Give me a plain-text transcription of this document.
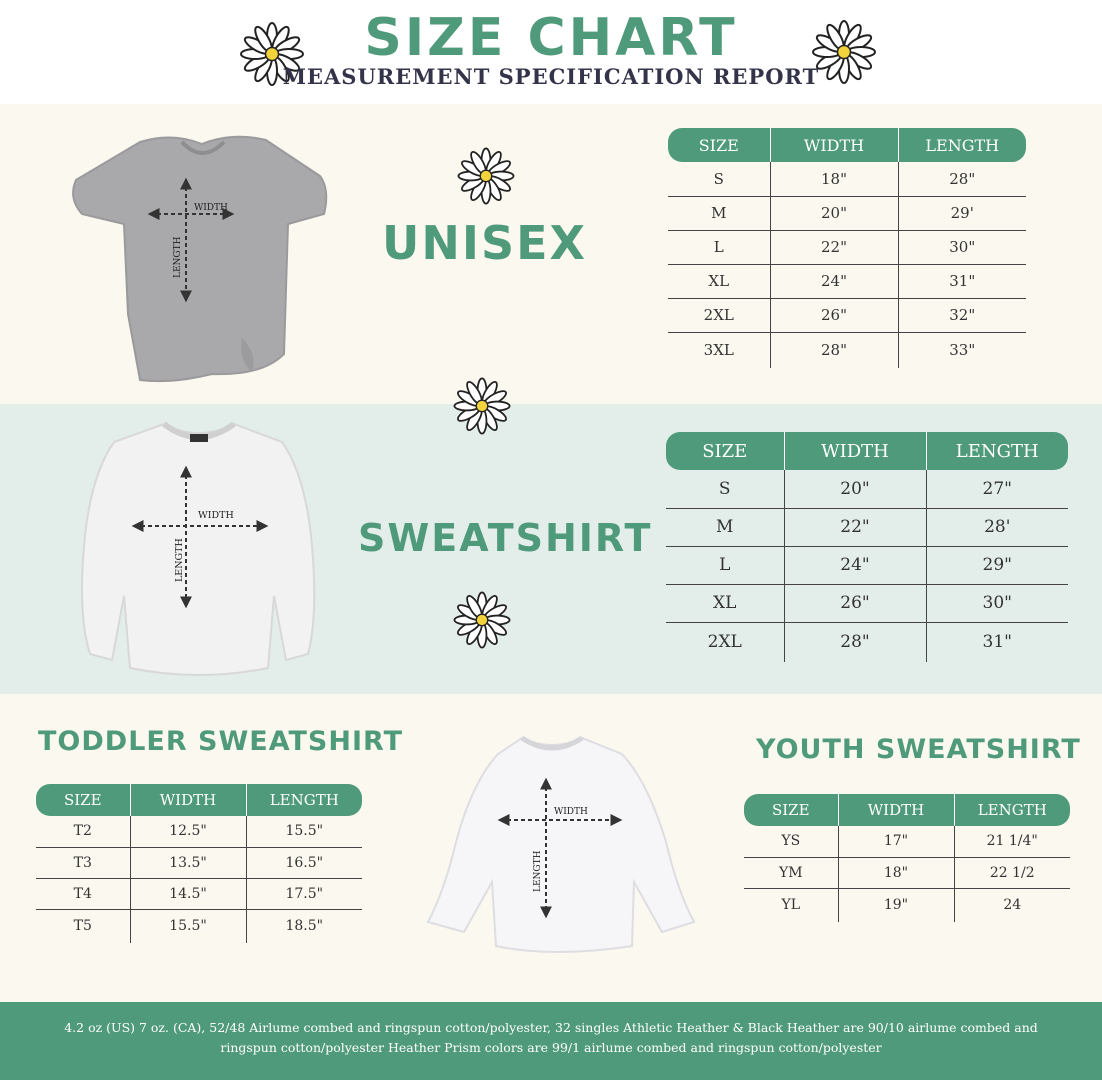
SIZE CHART
MEASUREMENT SPECIFICATION REPORT
WIDTH
LENGTH	UNISEX
SIZE	WIDTH	LENGTH
S	18"	28"
M	20"	29'
L	22"	30"
XL	24"	31"
2XL	26"	32"
3XL	28"	33"
WIDTH
LENGTH
SWEATSHIRT
SIZE	WIDTH	LENGTH
S	20"	27"
M	22"	28'
L	24"	29"
XL	26"	30"
2XL	28"	31"
TODDLER SWEATSHIRT
SIZE	WIDTH	LENGTH
T2	12.5"	15.5"
T3	13.5"	16.5"
T4	14.5"	17.5"
T5	15.5"	18.5"
WIDTH
LENGTH
YOUTH SWEATSHIRT
SIZE	WIDTH	LENGTH
YS	17"	21 1/4"
YM	18"	22 1/2
YL	19"	24
4.2 oz (US) 7 oz. (CA), 52/48 Airlume combed and ringspun cotton/polyester, 32 singles Athletic Heather & Black Heather are 90/10 airlume combed and ringspun cotton/polyester Heather Prism colors are 99/1 airlume combed and ringspun cotton/polyester
